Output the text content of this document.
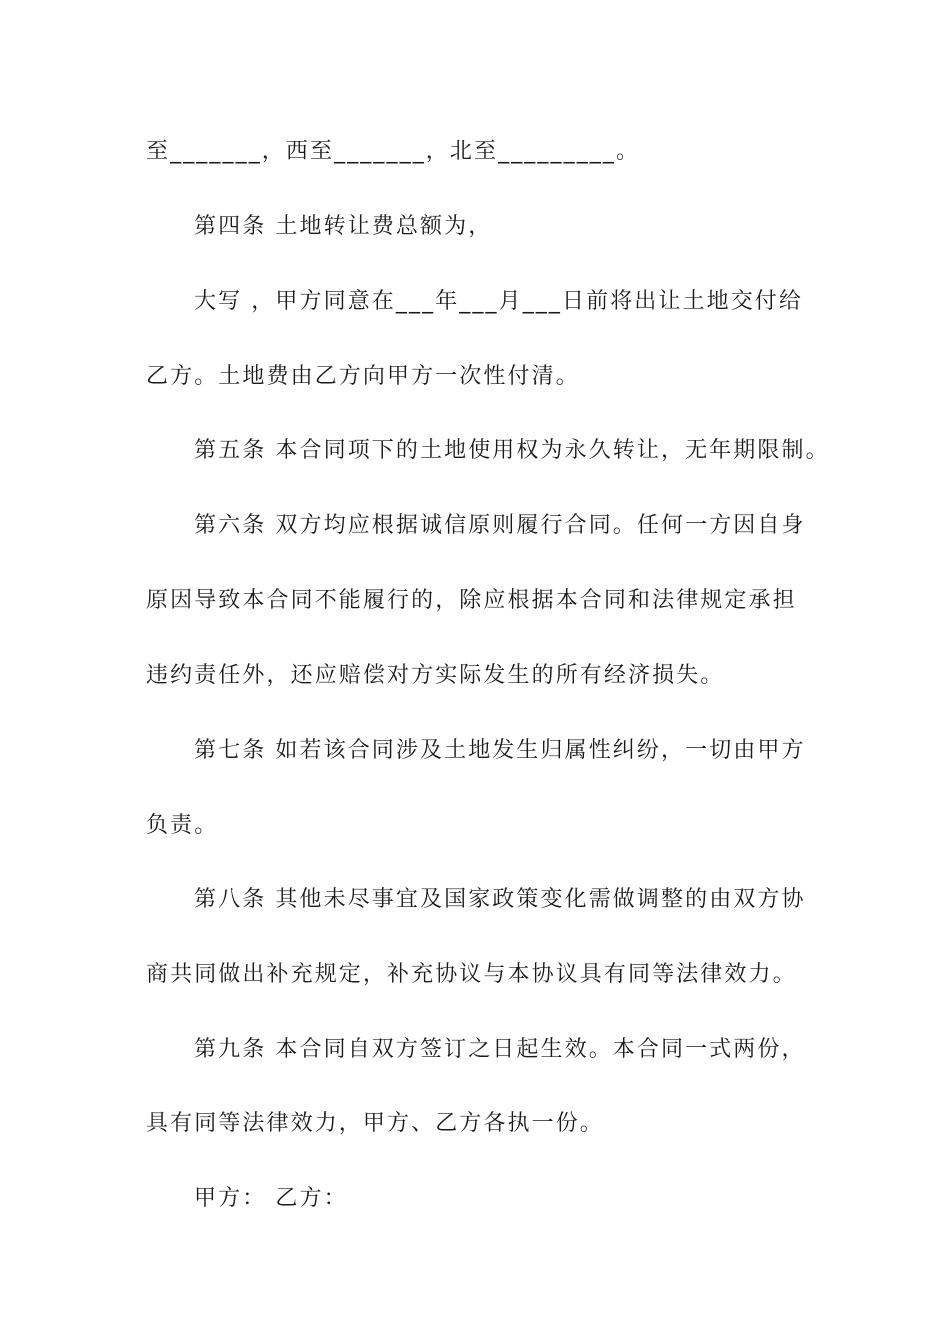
至_______，西至_______，北至_________。
第四条 土地转让费总额为，
大写 ，甲方同意在___年___月___日前将出让土地交付给
乙方。土地费由乙方向甲方一次性付清。
第五条 本合同项下的土地使用权为永久转让，无年期限制。
第六条 双方均应根据诚信原则履行合同。任何一方因自身
原因导致本合同不能履行的，除应根据本合同和法律规定承担
违约责任外，还应赔偿对方实际发生的所有经济损失。
第七条 如若该合同涉及土地发生归属性纠纷，一切由甲方
负责。
第八条 其他未尽事宜及国家政策变化需做调整的由双方协
商共同做出补充规定，补充协议与本协议具有同等法律效力。
第九条 本合同自双方签订之日起生效。本合同一式两份，
具有同等法律效力，甲方、乙方各执一份。
甲方： 乙方：
